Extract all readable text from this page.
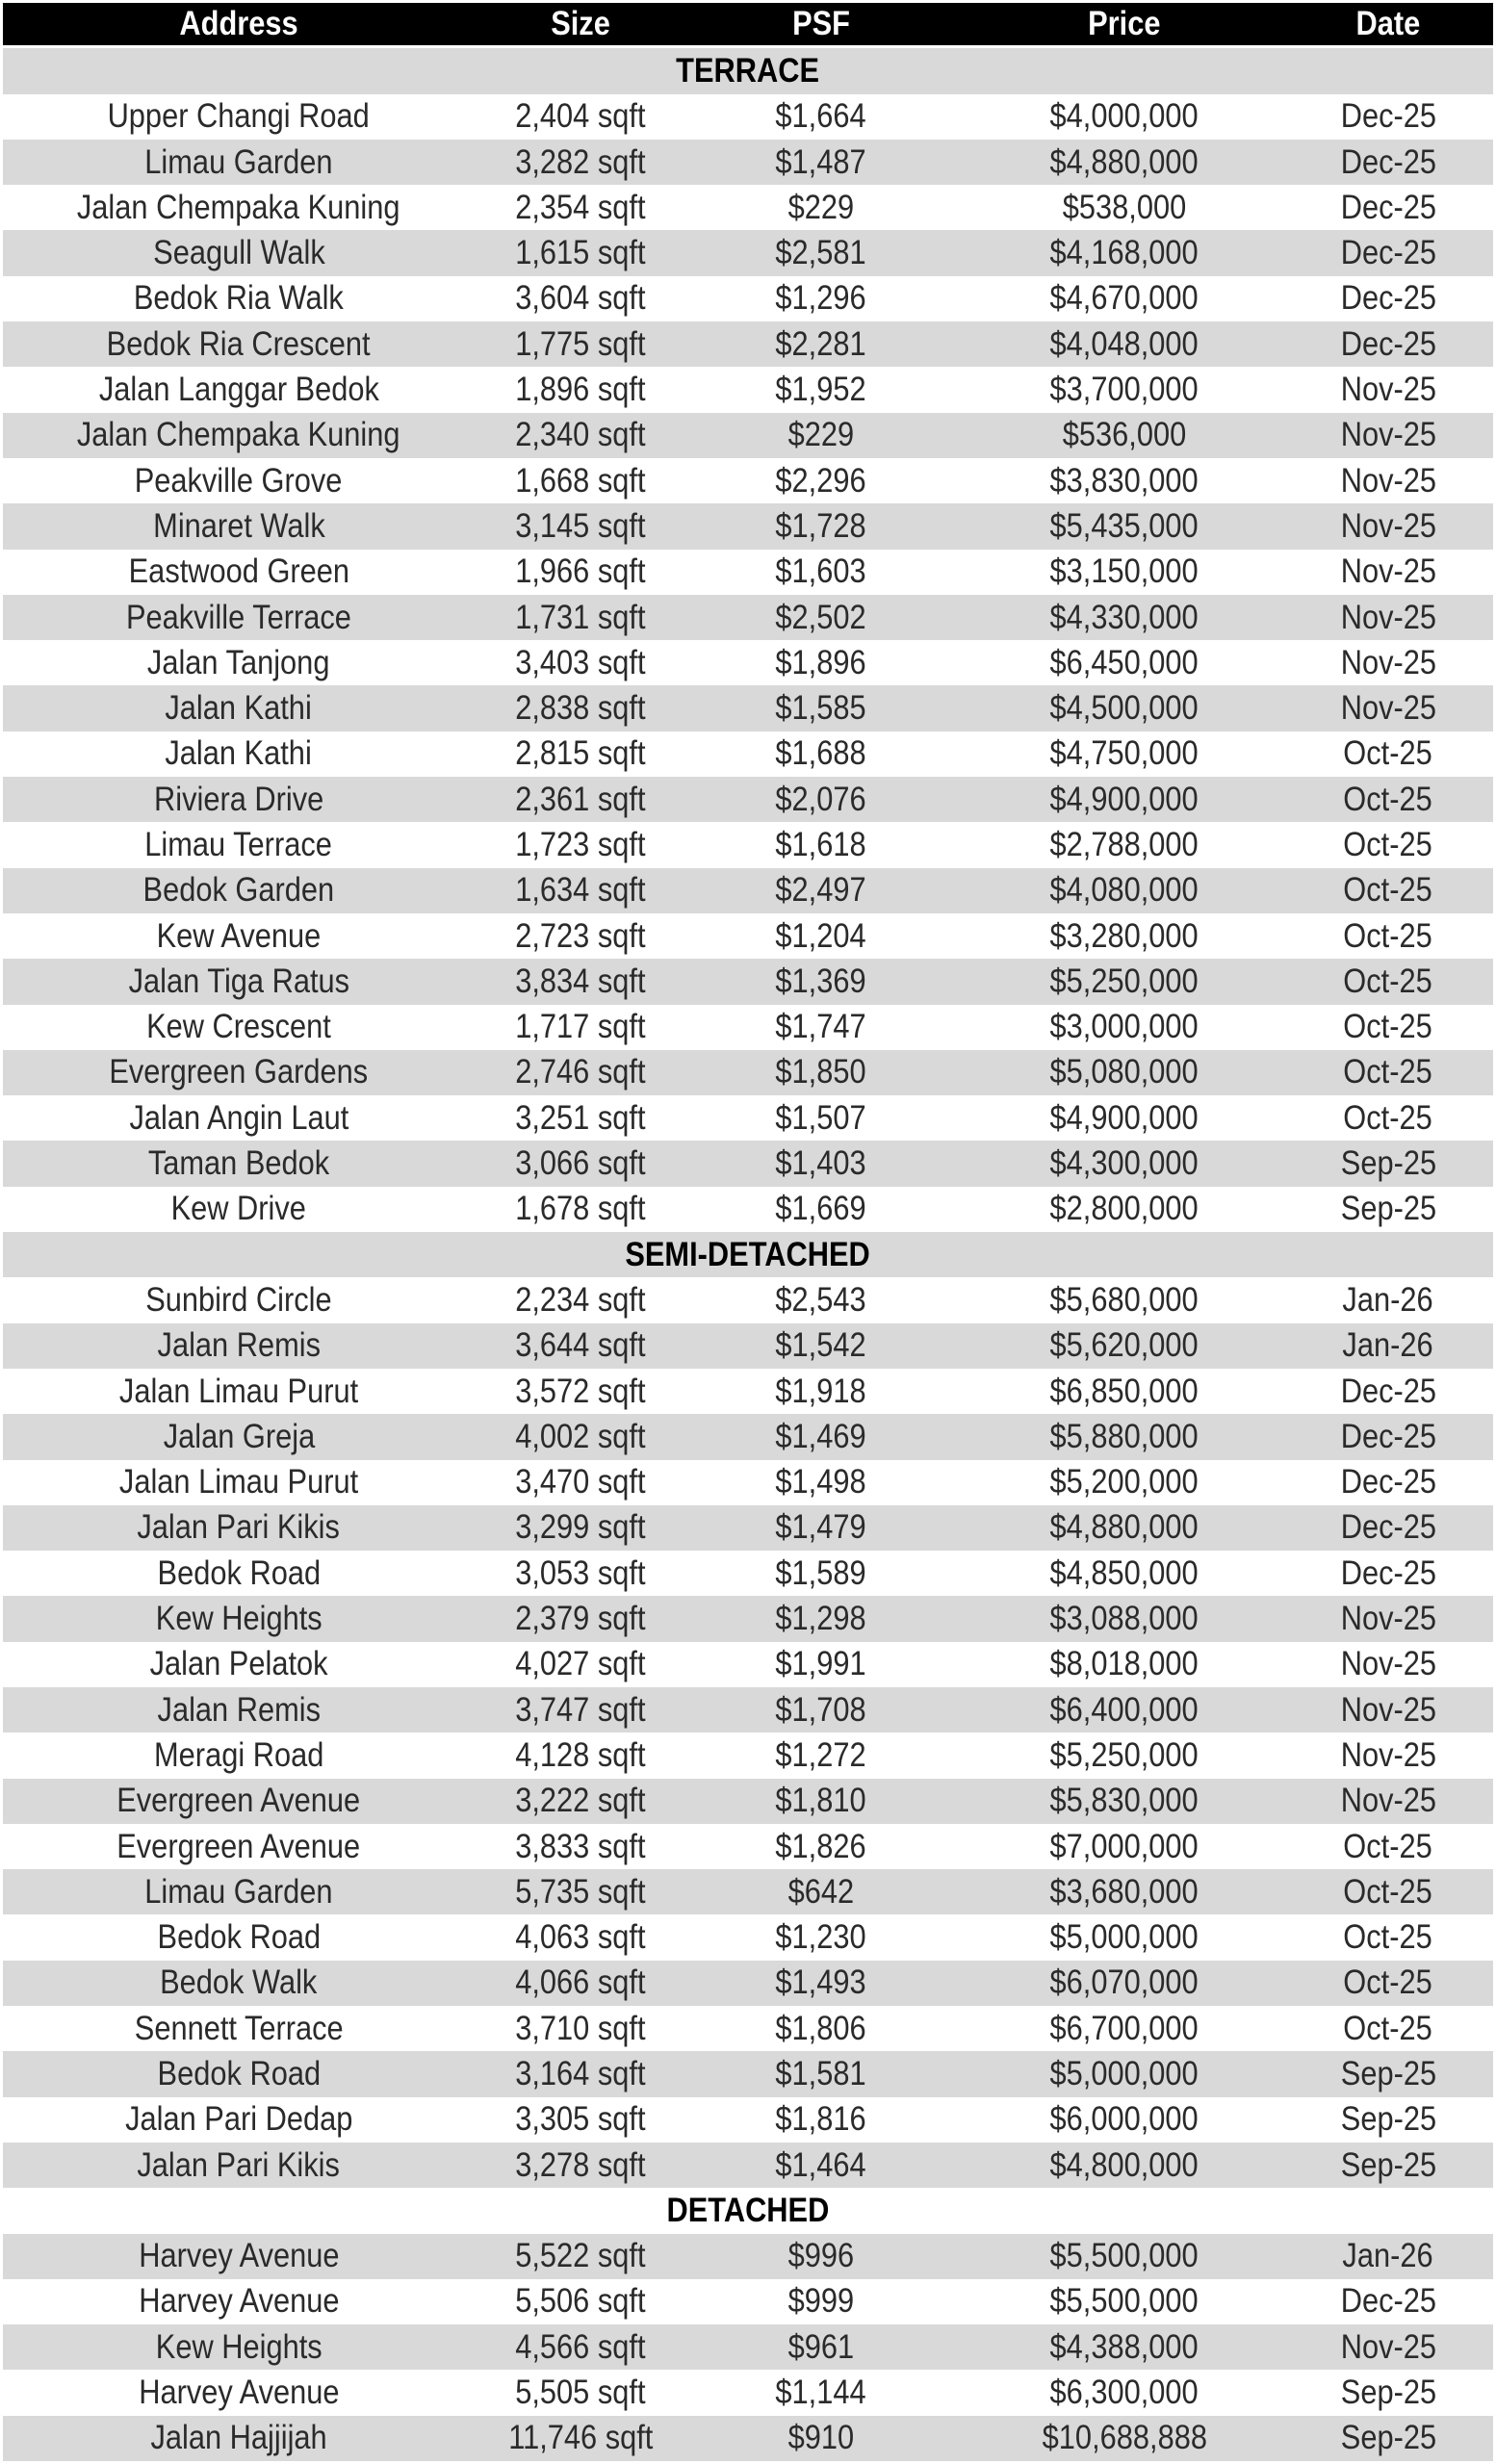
Address	Size	PSF	Price	Date
TERRACE
Upper Changi Road	2,404 sqft	$1,664	$4,000,000	Dec-25
Limau Garden	3,282 sqft	$1,487	$4,880,000	Dec-25
Jalan Chempaka Kuning	2,354 sqft	$229	$538,000	Dec-25
Seagull Walk	1,615 sqft	$2,581	$4,168,000	Dec-25
Bedok Ria Walk	3,604 sqft	$1,296	$4,670,000	Dec-25
Bedok Ria Crescent	1,775 sqft	$2,281	$4,048,000	Dec-25
Jalan Langgar Bedok	1,896 sqft	$1,952	$3,700,000	Nov-25
Jalan Chempaka Kuning	2,340 sqft	$229	$536,000	Nov-25
Peakville Grove	1,668 sqft	$2,296	$3,830,000	Nov-25
Minaret Walk	3,145 sqft	$1,728	$5,435,000	Nov-25
Eastwood Green	1,966 sqft	$1,603	$3,150,000	Nov-25
Peakville Terrace	1,731 sqft	$2,502	$4,330,000	Nov-25
Jalan Tanjong	3,403 sqft	$1,896	$6,450,000	Nov-25
Jalan Kathi	2,838 sqft	$1,585	$4,500,000	Nov-25
Jalan Kathi	2,815 sqft	$1,688	$4,750,000	Oct-25
Riviera Drive	2,361 sqft	$2,076	$4,900,000	Oct-25
Limau Terrace	1,723 sqft	$1,618	$2,788,000	Oct-25
Bedok Garden	1,634 sqft	$2,497	$4,080,000	Oct-25
Kew Avenue	2,723 sqft	$1,204	$3,280,000	Oct-25
Jalan Tiga Ratus	3,834 sqft	$1,369	$5,250,000	Oct-25
Kew Crescent	1,717 sqft	$1,747	$3,000,000	Oct-25
Evergreen Gardens	2,746 sqft	$1,850	$5,080,000	Oct-25
Jalan Angin Laut	3,251 sqft	$1,507	$4,900,000	Oct-25
Taman Bedok	3,066 sqft	$1,403	$4,300,000	Sep-25
Kew Drive	1,678 sqft	$1,669	$2,800,000	Sep-25
SEMI-DETACHED
Sunbird Circle	2,234 sqft	$2,543	$5,680,000	Jan-26
Jalan Remis	3,644 sqft	$1,542	$5,620,000	Jan-26
Jalan Limau Purut	3,572 sqft	$1,918	$6,850,000	Dec-25
Jalan Greja	4,002 sqft	$1,469	$5,880,000	Dec-25
Jalan Limau Purut	3,470 sqft	$1,498	$5,200,000	Dec-25
Jalan Pari Kikis	3,299 sqft	$1,479	$4,880,000	Dec-25
Bedok Road	3,053 sqft	$1,589	$4,850,000	Dec-25
Kew Heights	2,379 sqft	$1,298	$3,088,000	Nov-25
Jalan Pelatok	4,027 sqft	$1,991	$8,018,000	Nov-25
Jalan Remis	3,747 sqft	$1,708	$6,400,000	Nov-25
Meragi Road	4,128 sqft	$1,272	$5,250,000	Nov-25
Evergreen Avenue	3,222 sqft	$1,810	$5,830,000	Nov-25
Evergreen Avenue	3,833 sqft	$1,826	$7,000,000	Oct-25
Limau Garden	5,735 sqft	$642	$3,680,000	Oct-25
Bedok Road	4,063 sqft	$1,230	$5,000,000	Oct-25
Bedok Walk	4,066 sqft	$1,493	$6,070,000	Oct-25
Sennett Terrace	3,710 sqft	$1,806	$6,700,000	Oct-25
Bedok Road	3,164 sqft	$1,581	$5,000,000	Sep-25
Jalan Pari Dedap	3,305 sqft	$1,816	$6,000,000	Sep-25
Jalan Pari Kikis	3,278 sqft	$1,464	$4,800,000	Sep-25
DETACHED
Harvey Avenue	5,522 sqft	$996	$5,500,000	Jan-26
Harvey Avenue	5,506 sqft	$999	$5,500,000	Dec-25
Kew Heights	4,566 sqft	$961	$4,388,000	Nov-25
Harvey Avenue	5,505 sqft	$1,144	$6,300,000	Sep-25
Jalan Hajjijah	11,746 sqft	$910	$10,688,888	Sep-25
